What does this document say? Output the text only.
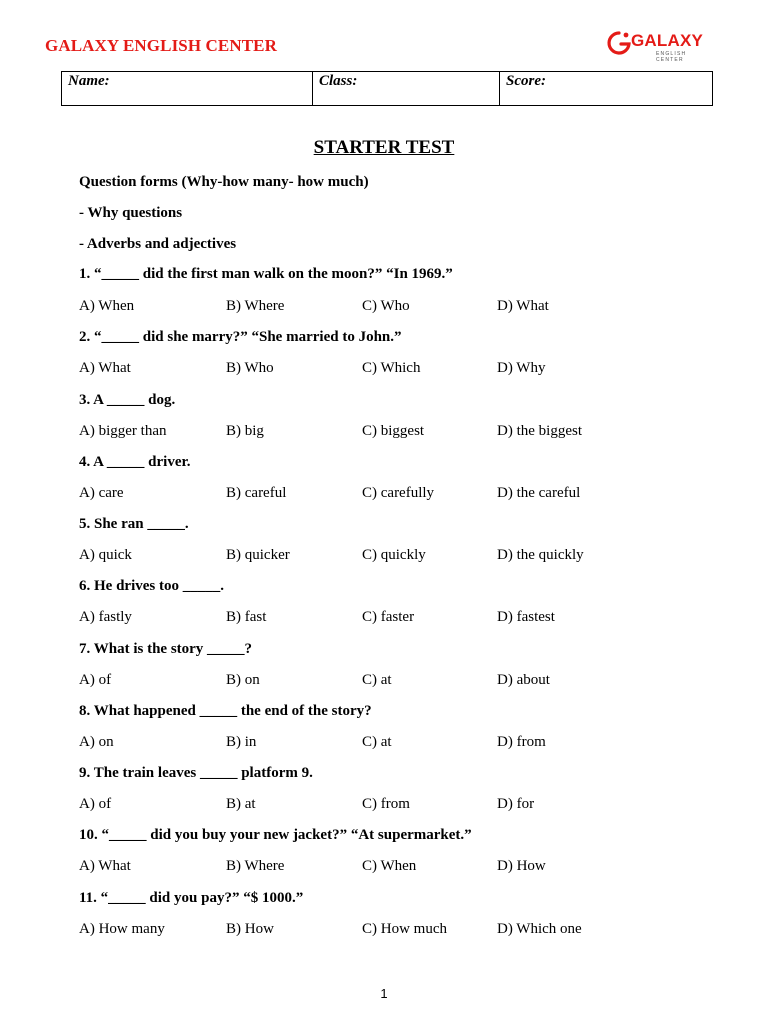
GALAXY ENGLISH CENTER	GALAXY
ENGLISH CENTER
Name:	Class:	Score:
STARTER TEST
Question forms (Why-how many- how much)
- Why questions
- Adverbs and adjectives
1. “_____ did the first man walk on the moon?” “In 1969.”
A) When	B) Where	C) Who	D) What
2. “_____ did she marry?” “She married to John.”
A) What	B) Who	C) Which	D) Why
3. A _____ dog.
A) bigger than	B) big	C) biggest	D) the biggest
4. A _____ driver.
A) care	B) careful	C) carefully	D) the careful
5. She ran _____.
A) quick	B) quicker	C) quickly	D) the quickly
6. He drives too _____.
A) fastly	B) fast	C) faster	D) fastest
7. What is the story _____?
A) of	B) on	C) at	D) about
8. What happened _____ the end of the story?
A) on	B) in	C) at	D) from
9. The train leaves _____ platform 9.
A) of	B) at	C) from	D) for
10. “_____ did you buy your new jacket?” “At supermarket.”
A) What	B) Where	C) When	D) How
11. “_____ did you pay?” “$ 1000.”
A) How many	B) How	C) How much	D) Which one
1
